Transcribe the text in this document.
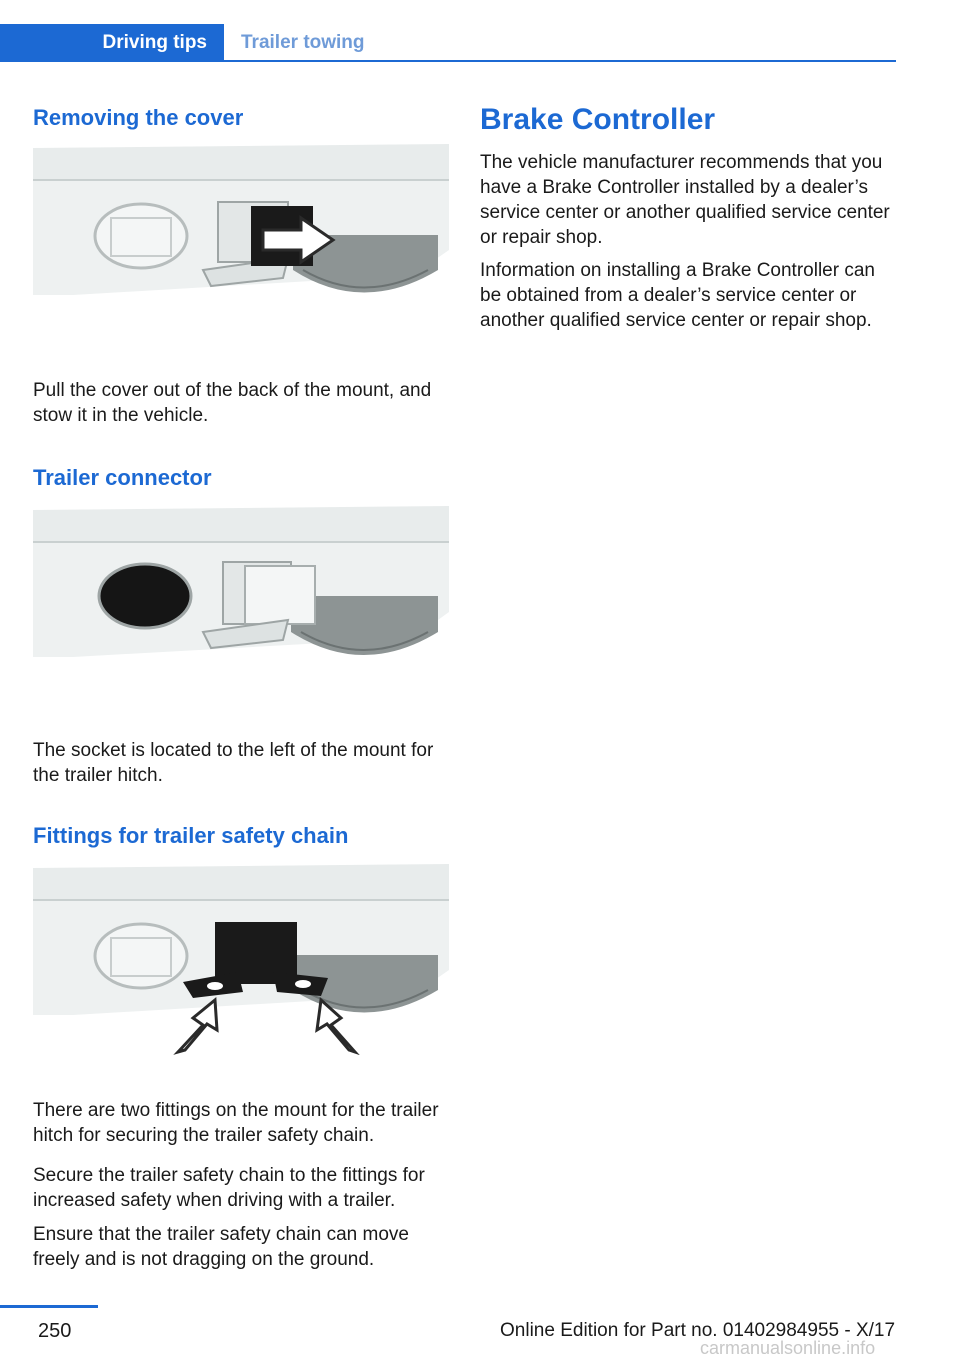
Driving tips	Trailer towing
Removing the cover

Pull the cover out of the back of the mount, and stow it in the vehicle.

Trailer connector

The socket is located to the left of the mount for the trailer hitch.

Fittings for trailer safety chain

There are two fittings on the mount for the trailer hitch for securing the trailer safety chain.

Secure the trailer safety chain to the fittings for increased safety when driving with a trailer.

Ensure that the trailer safety chain can move freely and is not dragging on the ground.

Brake Controller

The vehicle manufacturer recommends that you have a Brake Controller installed by a dealer’s service center or another qualified service center or repair shop.

Information on installing a Brake Controller can be obtained from a dealer’s service center or another qualified service center or repair shop.

250	Online Edition for Part no. 01402984955 - X/17
carmanualsonline.info
